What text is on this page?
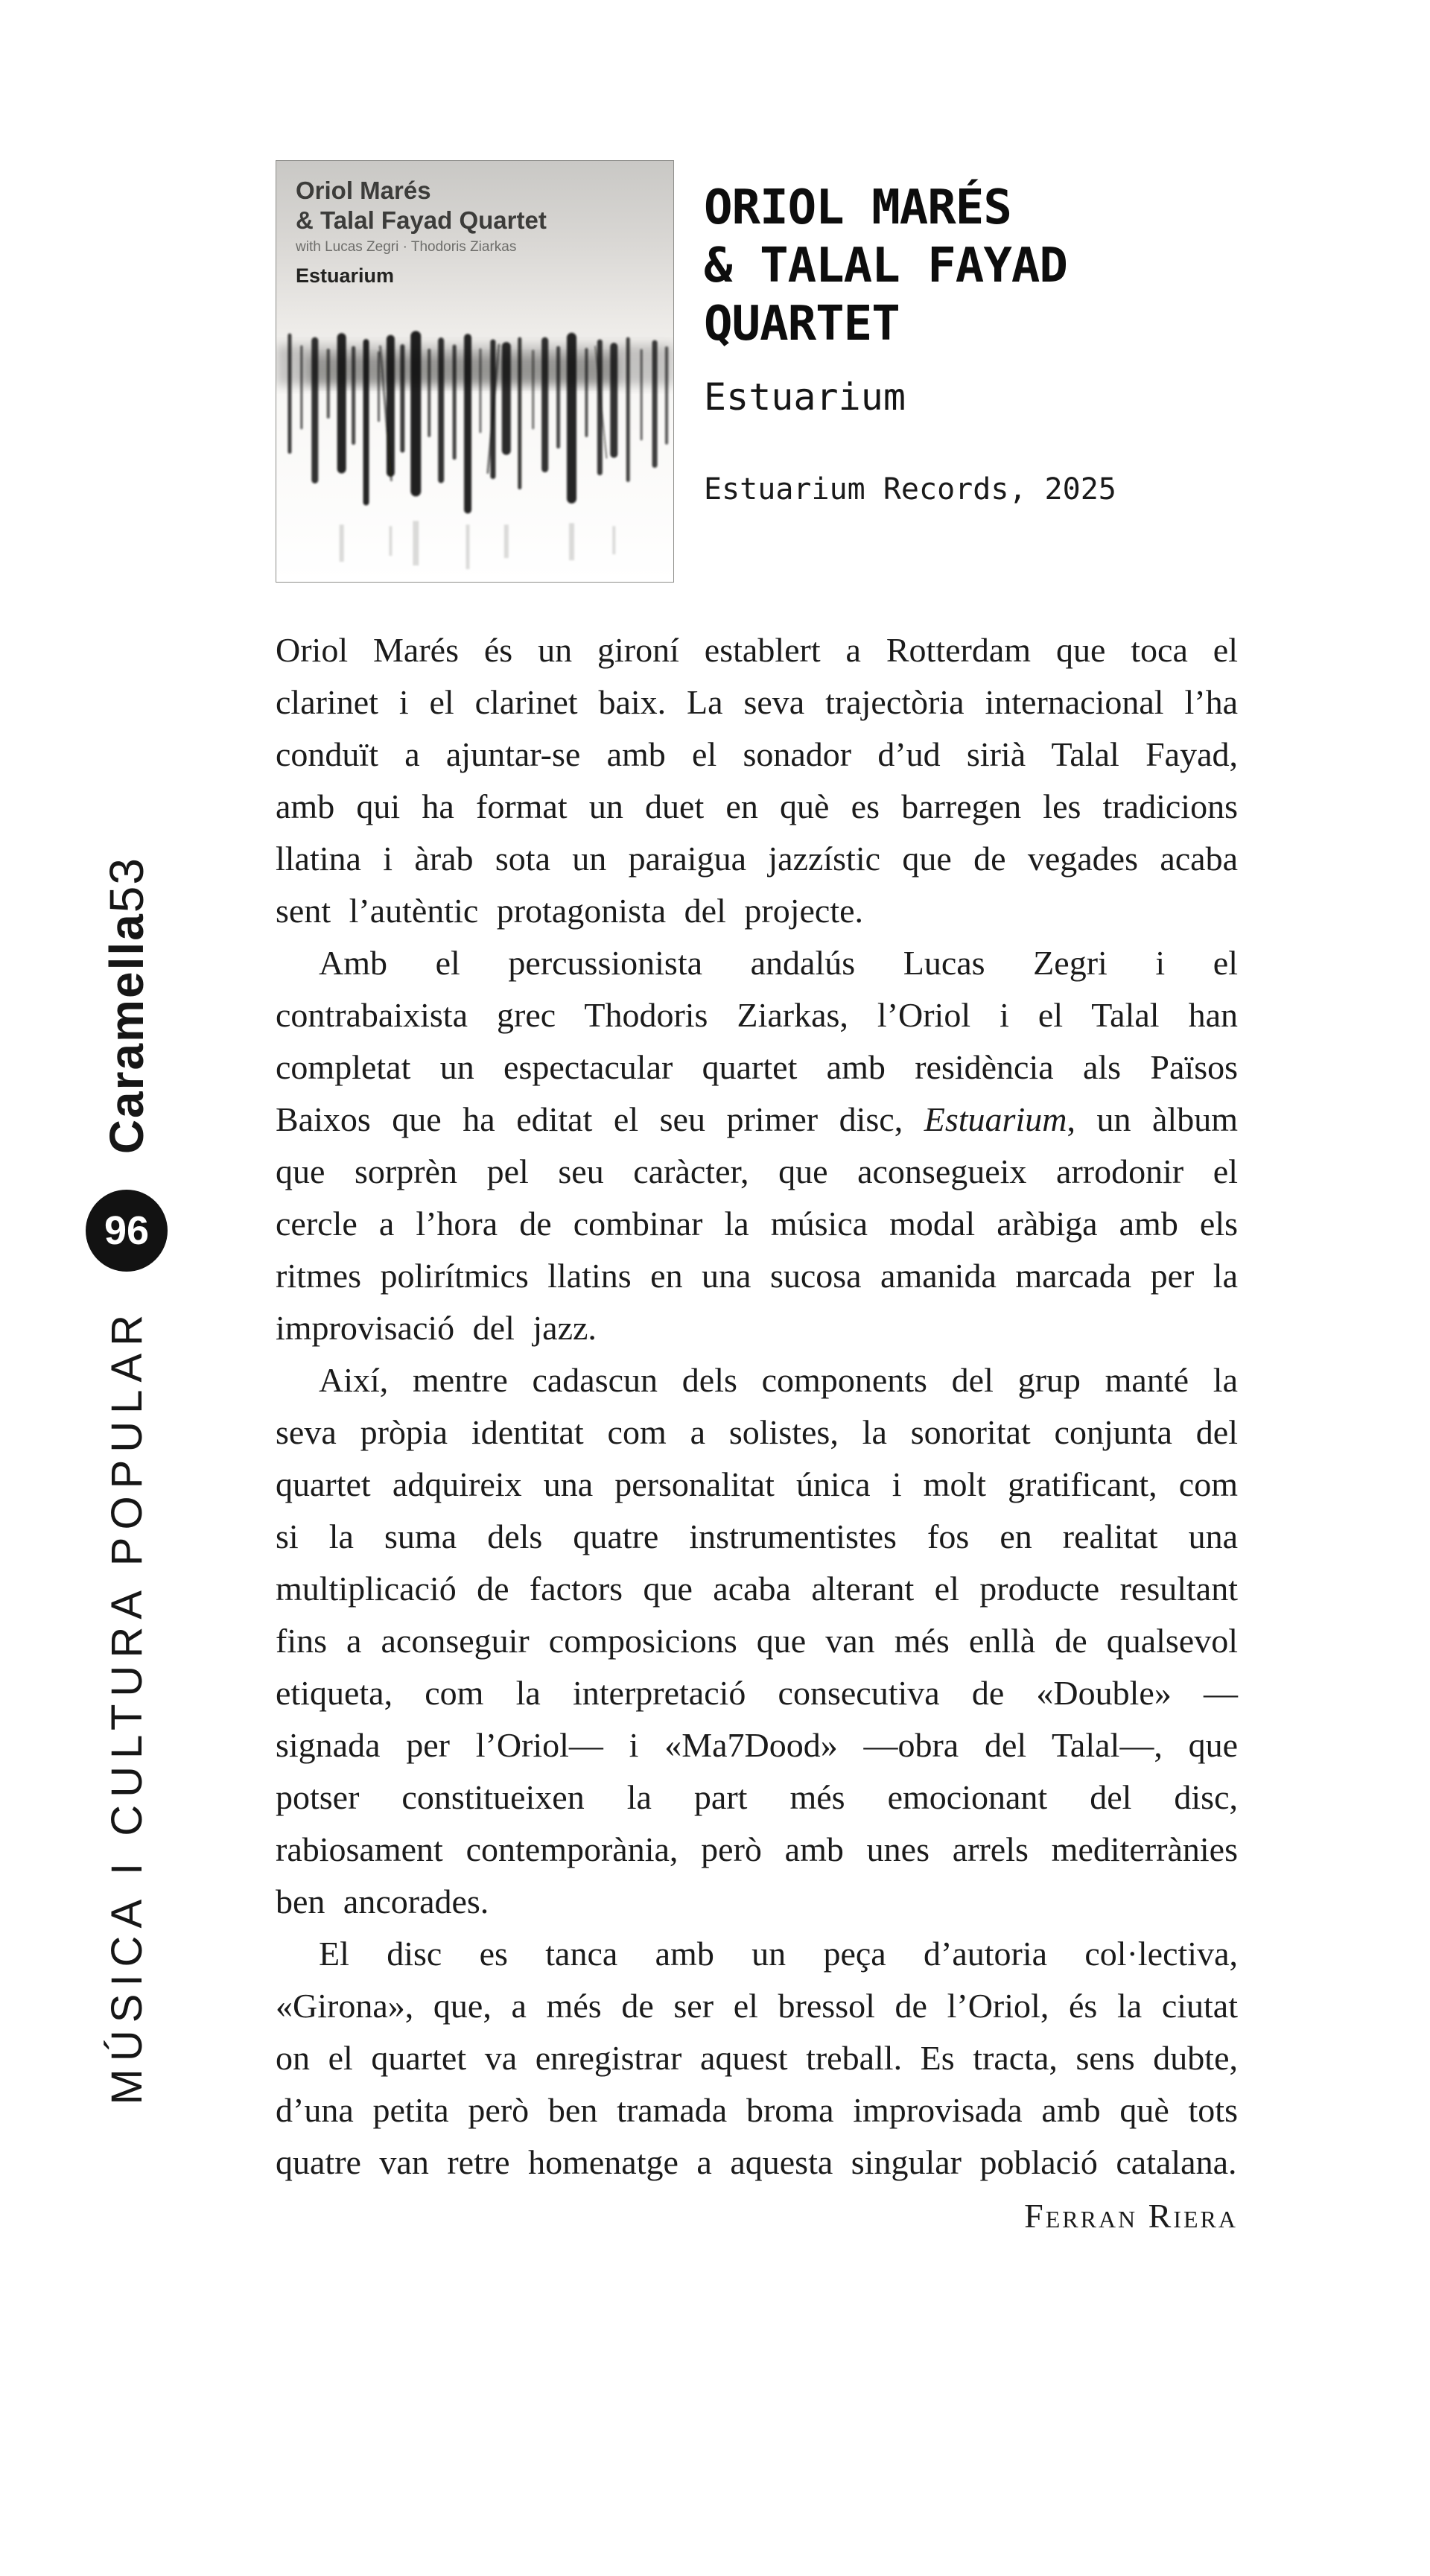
Caramella53
96
MÚSICA I CULTURA POPULAR
Oriol Marés
& Talal Fayad Quartet
with Lucas Zegri · Thodoris Ziarkas
Estuarium
ORIOL MARÉS
& TALAL FAYAD
QUARTET
Estuarium
Estuarium Records, 2025

Oriol Marés és un gironí establert a Rotterdam que toca el clarinet i el clarinet baix. La seva trajectòria internacional l’ha conduït a ajuntar-se amb el sonador d’ud sirià Talal Fayad, amb qui ha format un duet en què es barregen les tradicions llatina i àrab sota un paraigua jazzístic que de vegades acaba sent l’autèntic protagonista del projecte.

Amb el percussionista andalús Lucas Zegri i el contrabaixista grec Thodoris Ziarkas, l’Oriol i el Talal han completat un espectacular quartet amb residència als Països Baixos que ha editat el seu primer disc, Estuarium, un àlbum que sorprèn pel seu caràcter, que aconsegueix arrodonir el cercle a l’hora de combinar la música modal aràbiga amb els ritmes polirítmics llatins en una sucosa amanida marcada per la improvisació del jazz.

Així, mentre cadascun dels components del grup manté la seva pròpia identitat com a solistes, la sonoritat conjunta del quartet adquireix una personalitat única i molt gratificant, com si la suma dels quatre instrumentistes fos en realitat una multiplicació de factors que acaba alterant el producte resultant fins a aconseguir composicions que van més enllà de qualsevol etiqueta, com la interpretació consecutiva de «Double» —signada per l’Oriol— i «Ma7Dood» —obra del Talal—, que potser constitueixen la part més emocionant del disc, rabiosament contemporània, però amb unes arrels mediterrànies ben ancorades.

El disc es tanca amb un peça d’autoria col·lectiva, «Girona», que, a més de ser el bressol de l’Oriol, és la ciutat on el quartet va enregistrar aquest treball. Es tracta, sens dubte, d’una petita però ben tramada broma improvisada amb què tots quatre van retre homenatge a aquesta singular població catalana.

Ferran Riera
